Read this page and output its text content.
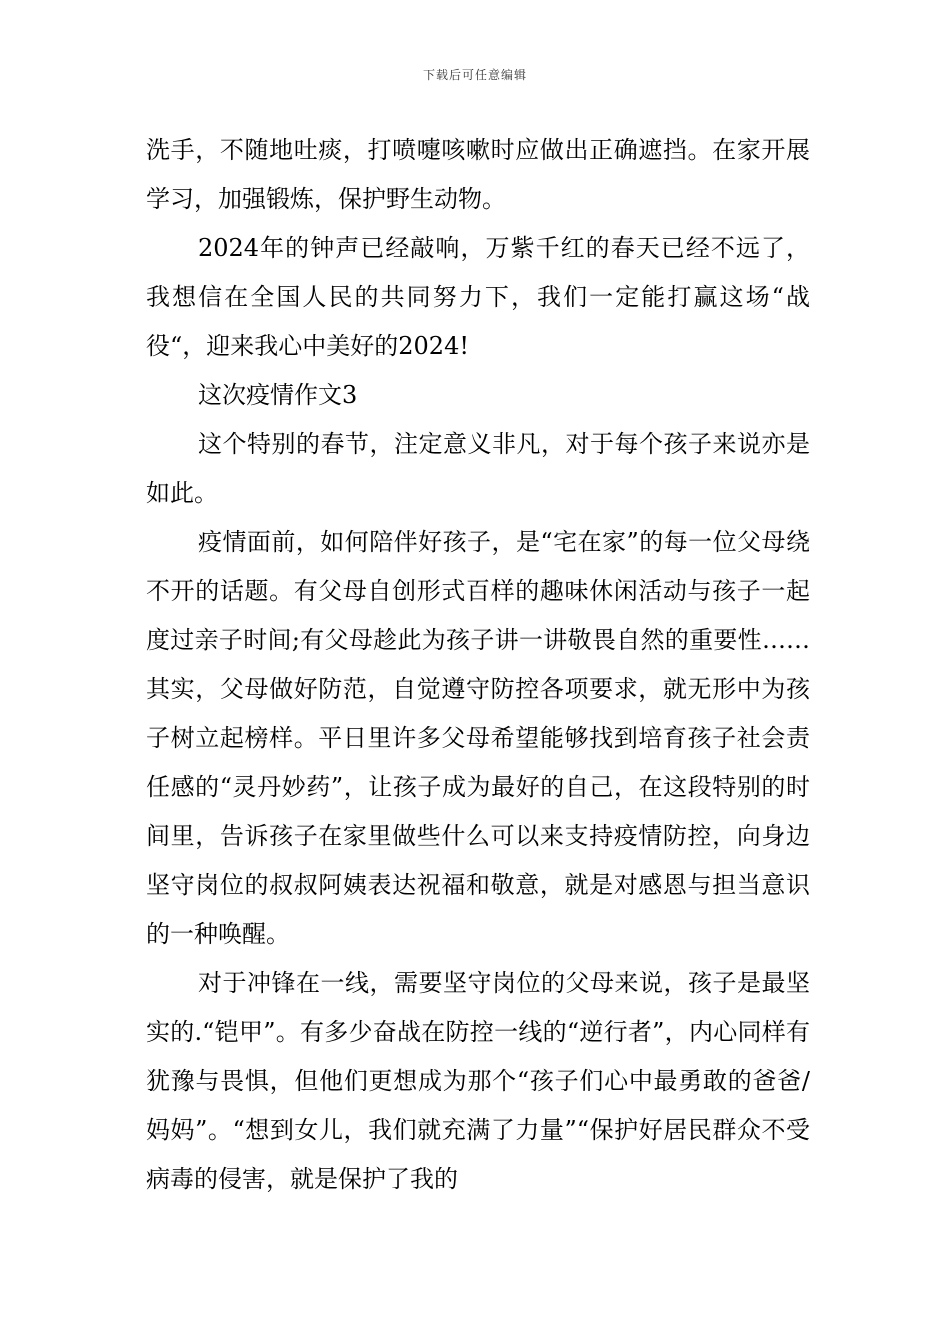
下载后可任意编辑

洗手，不随地吐痰，打喷嚏咳嗽时应做出正确遮挡。在家开展学习，加强锻炼，保护野生动物。

2024年的钟声已经敲响，万紫千红的春天已经不远了，我想信在全国人民的共同努力下，我们一定能打赢这场“战役“，迎来我心中美好的2024!

这次疫情作文3

这个特别的春节，注定意义非凡，对于每个孩子来说亦是如此。

疫情面前，如何陪伴好孩子，是“宅在家”的每一位父母绕不开的话题。有父母自创形式百样的趣味休闲活动与孩子一起度过亲子时间;有父母趁此为孩子讲一讲敬畏自然的重要性……其实，父母做好防范，自觉遵守防控各项要求，就无形中为孩子树立起榜样。平日里许多父母希望能够找到培育孩子社会责任感的“灵丹妙药”，让孩子成为最好的自己，在这段特别的时间里，告诉孩子在家里做些什么可以来支持疫情防控，向身边坚守岗位的叔叔阿姨表达祝福和敬意，就是对感恩与担当意识的一种唤醒。

对于冲锋在一线，需要坚守岗位的父母来说，孩子是最坚实的.“铠甲”。有多少奋战在防控一线的“逆行者”，内心同样有犹豫与畏惧，但他们更想成为那个“孩子们心中最勇敢的爸爸/妈妈”。“想到女儿，我们就充满了力量”“保护好居民群众不受病毒的侵害，就是保护了我的
